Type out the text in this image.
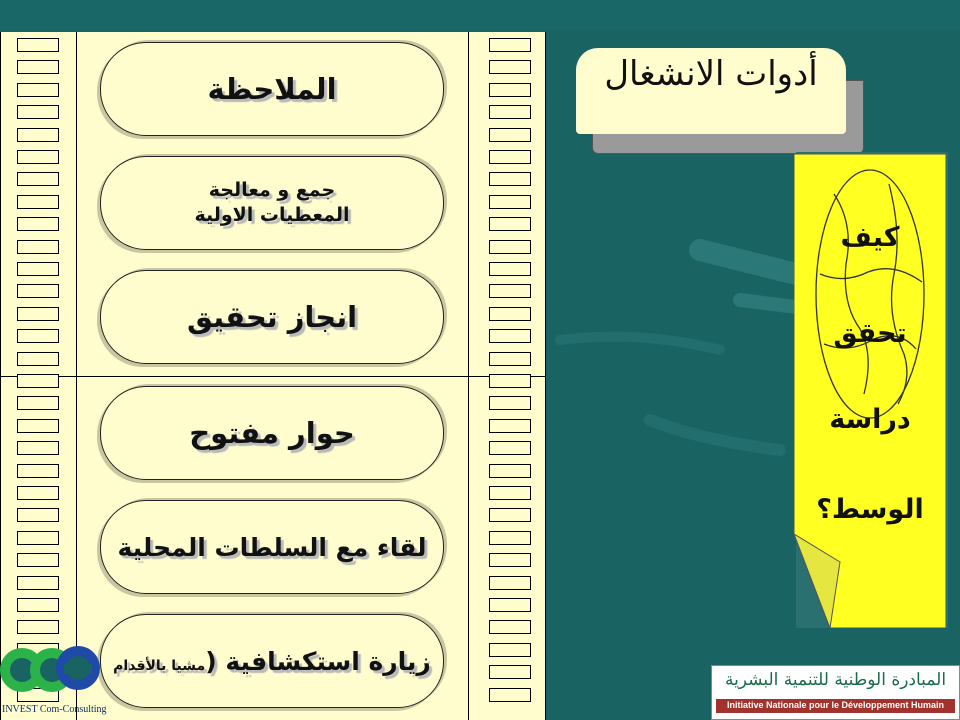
الملاحظة
جمع و معالجة
المعطيات الاولية
انجاز تحقيق
حوار مفتوح
لقاء مع السلطات المحلية
زيارة استكشافية (مشيا بالأقدام
أدوات الانشغال
كيف
تحقق
دراسة
الوسط؟
INVEST Com-Consulting
المبادرة الوطنية للتنمية البشرية
Initiative Nationale pour le Développement Humain
